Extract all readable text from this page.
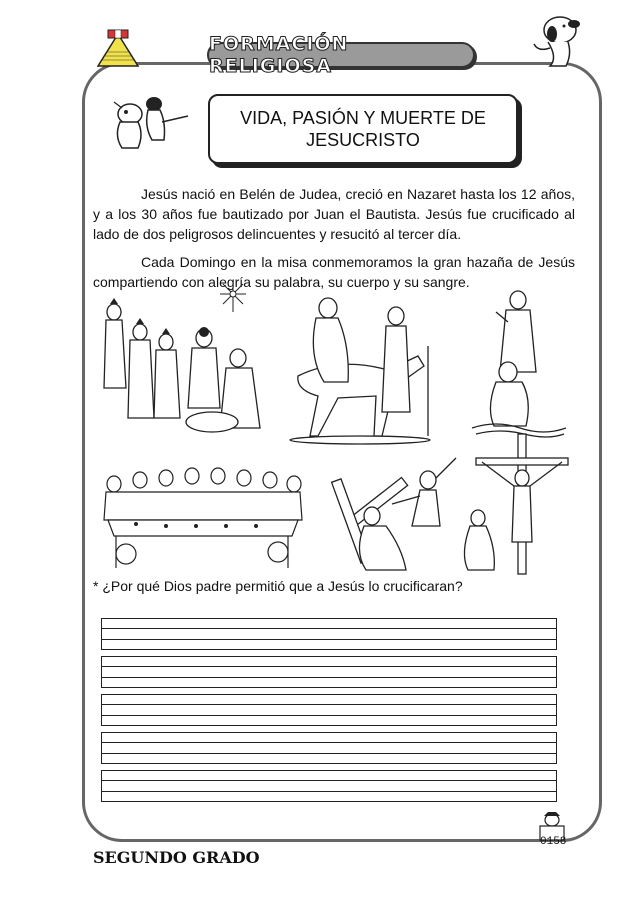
FORMACIÓN RELIGIOSA
VIDA, PASIÓN Y MUERTE DE
JESUCRISTO
Jesús nació en Belén de Judea, creció en Nazaret hasta los 12 años, y a los 30 años fue bautizado por Juan el Bautista. Jesús fue crucificado al lado de dos peligrosos delincuentes y resucitó al tercer día.
Cada Domingo en la misa conmemoramos la gran hazaña de Jesús compartiendo con alegría su palabra, su cuerpo y su sangre.
* ¿Por qué Dios padre permitió que a Jesús lo crucificaran?
SEGUNDO GRADO
0158
